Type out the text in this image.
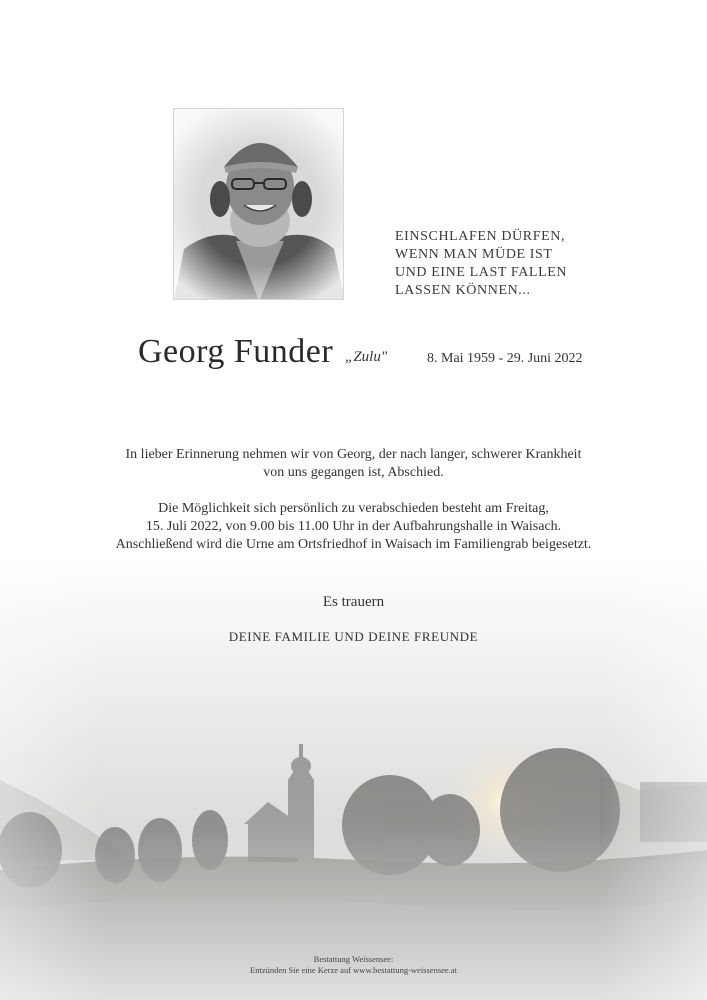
EINSCHLAFEN DÜRFEN,
WENN MAN MÜDE IST
UND EINE LAST FALLEN
LASSEN KÖNNEN...
Georg Funder „Zulu"	8. Mai 1959 - 29. Juni 2022
In lieber Erinnerung nehmen wir von Georg, der nach langer, schwerer Krankheit
von uns gegangen ist, Abschied.
Die Möglichkeit sich persönlich zu verabschieden besteht am Freitag,
15. Juli 2022, von 9.00 bis 11.00 Uhr in der Aufbahrungshalle in Waisach.
Anschließend wird die Urne am Ortsfriedhof in Waisach im Familiengrab beigesetzt.
Es trauern
DEINE FAMILIE UND DEINE FREUNDE
Bestattung Weissensee:
Entzünden Sie eine Kerze auf www.bestattung-weissensee.at
